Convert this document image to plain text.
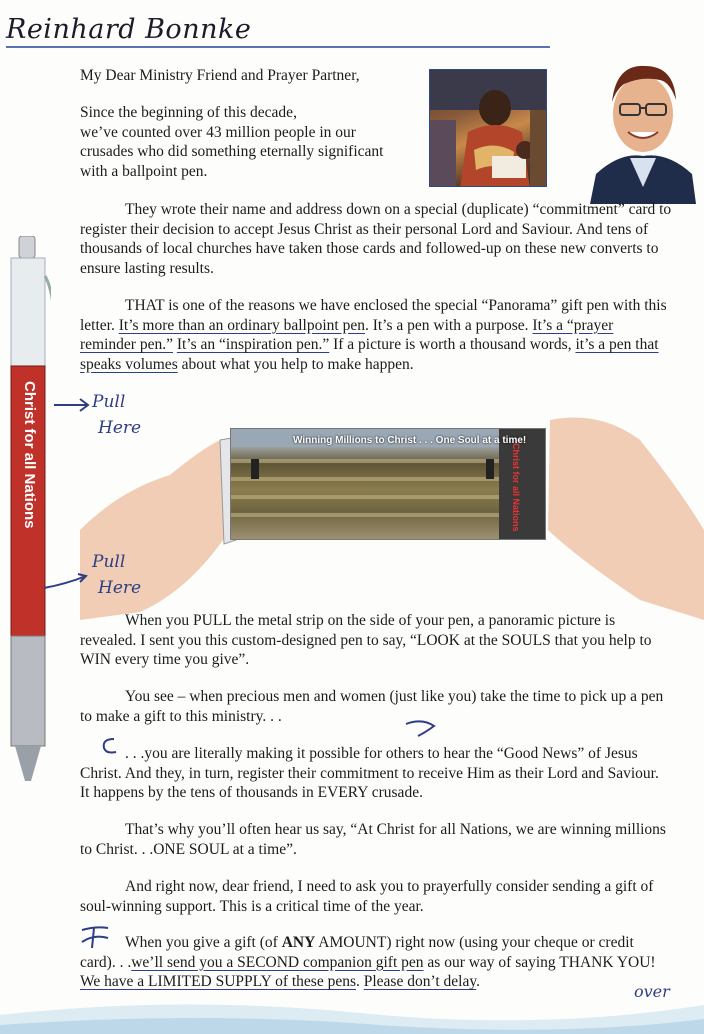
Reinhard Bonnke

My Dear Ministry Friend and Prayer Partner,

Since the beginning of this decade,

we’ve counted over 43 million people in our

crusades who did something eternally significant

with a ballpoint pen.

They wrote their name and address down on a special (duplicate) “commitment” card to register their decision to accept Jesus Christ as their personal Lord and Saviour. And tens of thousands of local churches have taken those cards and followed-up on these new converts to ensure lasting results.

THAT is one of the reasons we have enclosed the special “Panorama” gift pen with this letter. It’s more than an ordinary ballpoint pen. It’s a pen with a purpose. It’s a “prayer reminder pen.” It’s an “inspiration pen.” If a picture is worth a thousand words, it’s a pen that speaks volumes about what you help to make happen.

Winning Millions to Christ . . . One Soul at a time!
Christ for all Nations
Christ for all Nations	Pull
Here
Pull
Here

When you PULL the metal strip on the side of your pen, a panoramic picture is revealed. I sent you this custom-designed pen to say, “LOOK at the SOULS that you help to WIN every time you give”.

You see – when precious men and women (just like you) take the time to pick up a pen to make a gift to this ministry. . .

. . .you are literally making it possible for others to hear the “Good News” of Jesus Christ. And they, in turn, register their commitment to receive Him as their Lord and Saviour. It happens by the tens of thousands in EVERY crusade.

That’s why you’ll often hear us say, “At Christ for all Nations, we are winning millions to Christ. . .ONE SOUL at a time”.

And right now, dear friend, I need to ask you to prayerfully consider sending a gift of soul-winning support. This is a critical time of the year.

When you give a gift (of ANY AMOUNT) right now (using your cheque or credit card). . .we’ll send you a SECOND companion gift pen as our way of saying THANK YOU! We have a LIMITED SUPPLY of these pens. Please don’t delay.

over
